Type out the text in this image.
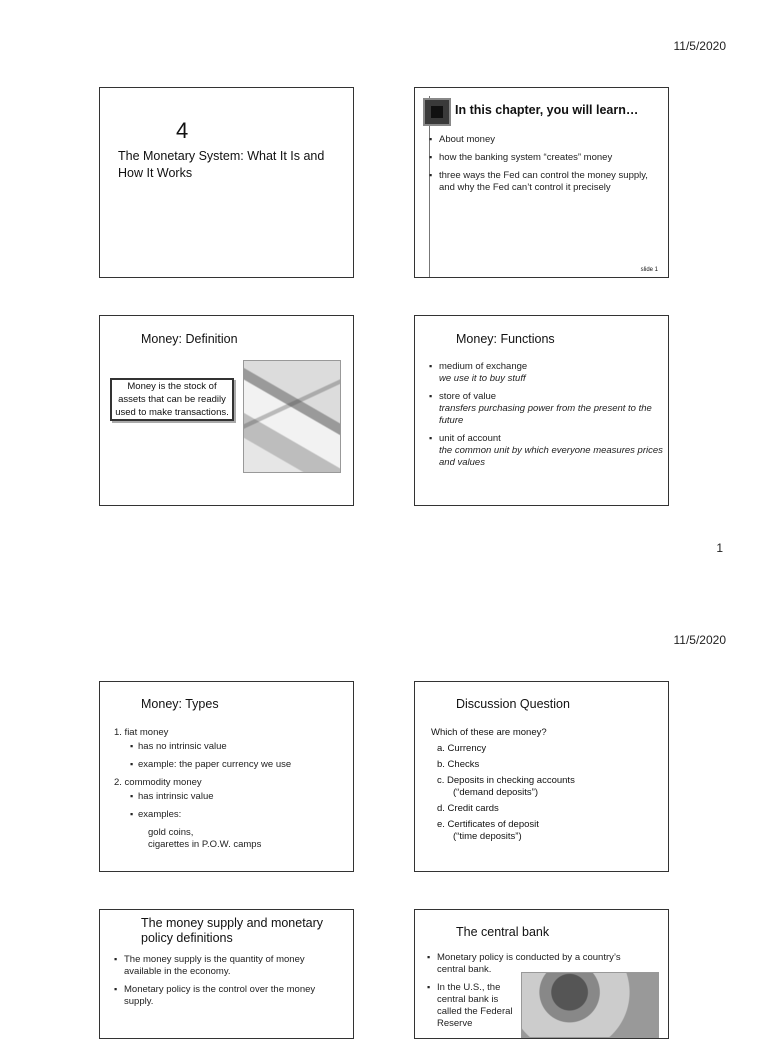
11/5/2020
4
The Monetary System: What It Is and How It Works
In this chapter, you will learn…
▪ About money
▪ how the banking system “creates” money
▪ three ways the Fed can control the money supply, and why the Fed can’t control it precisely
slide 1
Money: Definition
Money is the stock of assets that can be readily used to make transactions.
Money: Functions
▪ medium of exchange
we use it to buy stuff
▪ store of value
transfers purchasing power from the present to the future
▪ unit of account
the common unit by which everyone measures prices and values
1
11/5/2020
Money: Types
1. fiat money
▪ has no intrinsic value
▪ example: the paper currency we use
2. commodity money
▪ has intrinsic value
▪ examples:
gold coins,
cigarettes in P.O.W. camps
Discussion Question
Which of these are money?
a. Currency
b. Checks
c. Deposits in checking accounts
(“demand deposits”)
d. Credit cards
e. Certificates of deposit
(“time deposits”)
The money supply and monetary policy definitions
▪ The money supply is the quantity of money available in the economy.
▪ Monetary policy is the control over the money supply.
The central bank
▪ Monetary policy is conducted by a country’s central bank.
▪ In the U.S., the central bank is called the Federal Reserve
